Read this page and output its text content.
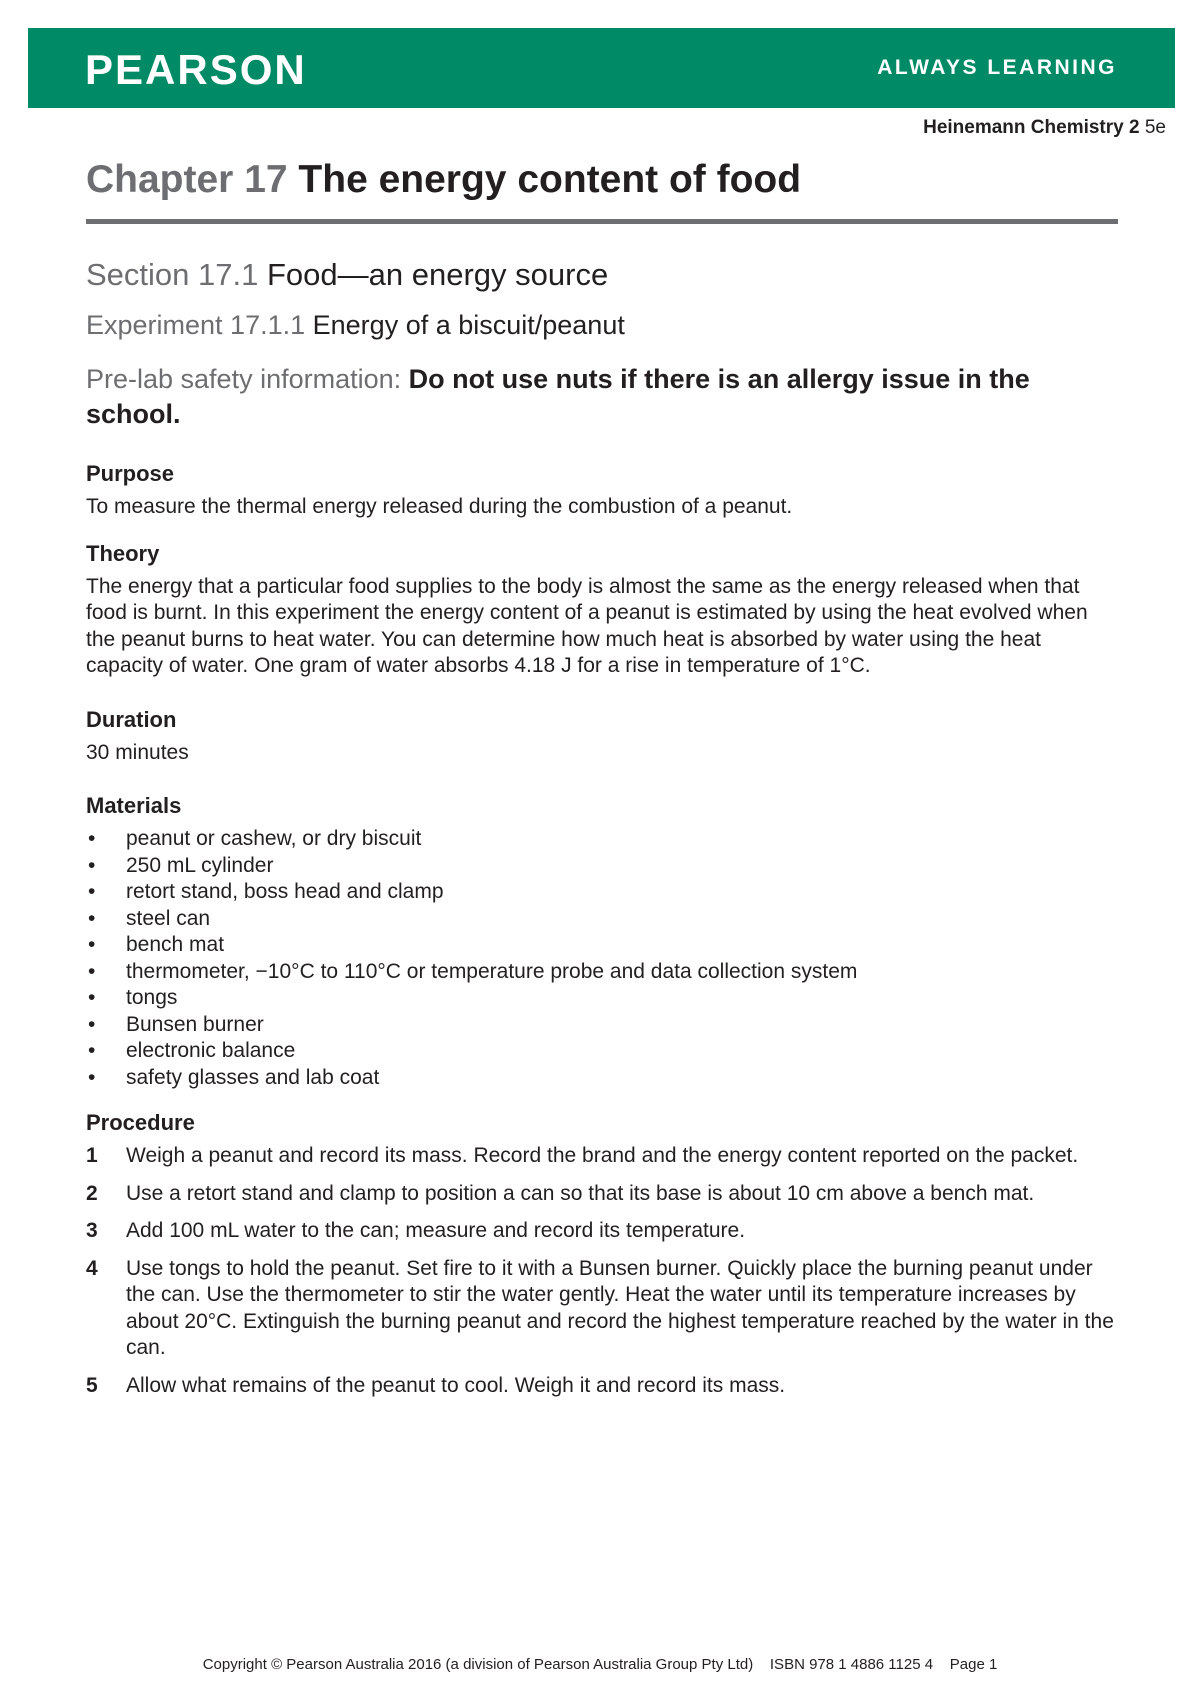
PEARSON	ALWAYS LEARNING
Heinemann Chemistry 2 5e
Chapter 17 The energy content of food
Section 17.1 Food—an energy source
Experiment 17.1.1 Energy of a biscuit/peanut
Pre-lab safety information: Do not use nuts if there is an allergy issue in the school.
Purpose

To measure the thermal energy released during the combustion of a peanut.

Theory

The energy that a particular food supplies to the body is almost the same as the energy released when that food is burnt. In this experiment the energy content of a peanut is estimated by using the heat evolved when the peanut burns to heat water. You can determine how much heat is absorbed by water using the heat capacity of water. One gram of water absorbs 4.18 J for a rise in temperature of 1°C.

Duration

30 minutes

Materials
• peanut or cashew, or dry biscuit
• 250 mL cylinder
• retort stand, boss head and clamp
• steel can
• bench mat
• thermometer, −10°C to 110°C or temperature probe and data collection system
• tongs
• Bunsen burner
• electronic balance
• safety glasses and lab coat
Procedure
1 Weigh a peanut and record its mass. Record the brand and the energy content reported on the packet.
2 Use a retort stand and clamp to position a can so that its base is about 10 cm above a bench mat.
3 Add 100 mL water to the can; measure and record its temperature.
4 Use tongs to hold the peanut. Set fire to it with a Bunsen burner. Quickly place the burning peanut under the can. Use the thermometer to stir the water gently. Heat the water until its temperature increases by about 20°C. Extinguish the burning peanut and record the highest temperature reached by the water in the can.
5 Allow what remains of the peanut to cool. Weigh it and record its mass.
Copyright © Pearson Australia 2016 (a division of Pearson Australia Group Pty Ltd) ISBN 978 1 4886 1125 4 Page 1
